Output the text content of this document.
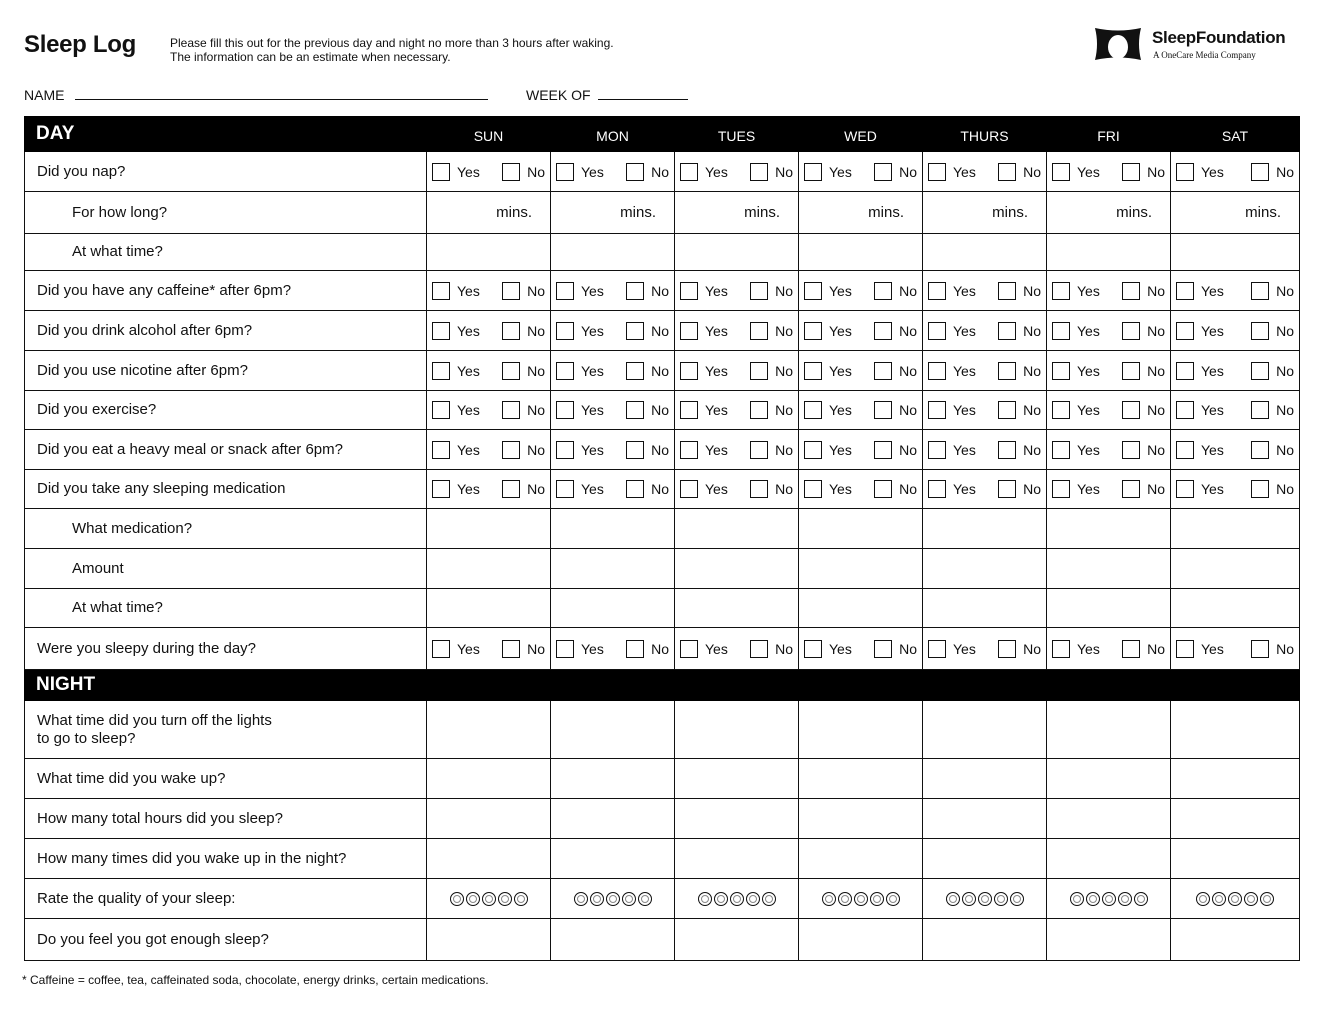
Sleep Log	Please fill this out for the previous day and night no more than 3 hours after waking.
The information can be an estimate when necessary.
SleepFoundation
A OneCare Media Company
NAME	WEEK OF
DAY	SUN	MON	TUES	WED	THURS	FRI	SAT
Did you nap?	Yes No	Yes No	Yes No	Yes No	Yes No	Yes No	Yes No

For how long?	mins.	mins.	mins.	mins.	mins.	mins.	mins.
At what time?							
Did you have any caffeine* after 6pm?	Yes No	Yes No	Yes No	Yes No	Yes No	Yes No	Yes No

Did you drink alcohol after 6pm?	Yes No	Yes No	Yes No	Yes No	Yes No	Yes No	Yes No

Did you use nicotine after 6pm?	Yes No	Yes No	Yes No	Yes No	Yes No	Yes No	Yes No

Did you exercise?	Yes No	Yes No	Yes No	Yes No	Yes No	Yes No	Yes No

Did you eat a heavy meal or snack after 6pm?	Yes No	Yes No	Yes No	Yes No	Yes No	Yes No	Yes No

Did you take any sleeping medication	Yes No	Yes No	Yes No	Yes No	Yes No	Yes No	Yes No

What medication?							
Amount							
At what time?							
Were you sleepy during the day?	Yes No	Yes No	Yes No	Yes No	Yes No	Yes No	Yes No

NIGHT							

What time did you turn off the lights
to go to sleep?							

What time did you wake up?							
How many total hours did you sleep?							
How many times did you wake up in the night?							
Rate the quality of your sleep:	

Do you feel you got enough sleep?							
* Caffeine = coffee, tea, caffeinated soda, chocolate, energy drinks, certain medications.
